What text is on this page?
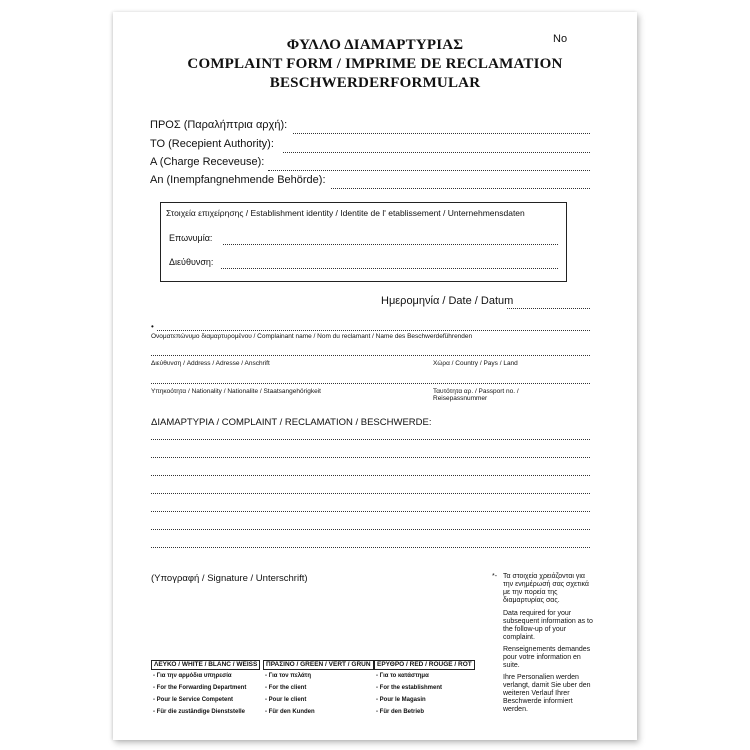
ΦΥΛΛΟ ΔΙΑΜΑΡΤΥΡΙΑΣ
COMPLAINT FORM / IMPRIME DE RECLAMATION
BESCHWERDERFORMULAR
No
ΠΡΟΣ (Παραλήπτρια αρχή):
TO (Recepient Authority):
A (Charge Receveuse):
An (Inempfangnehmende Behörde):
Στοιχεία επιχείρησης / Establishment identity / Identite de l' etablissement / Unternehmensdaten
Επωνυμία:
Διεύθυνση:
Ημερομηνία / Date / Datum
•
Ονοματεπώνυμο διαμαρτυρομένου / Complainant name / Nom du reclamant / Name des Beschwerdeführenden
Διεύθυνση / Address / Adresse / Anschrift	Χώρα / Country / Pays / Land
Υπηκοότητα / Nationality / Nationalite / Staatsangehörigkeit	Ταυτότητα αρ. / Passport no. /
Reisepassnummer
ΔΙΑΜΑΡΤΥΡΙΑ / COMPLAINT / RECLAMATION / BESCHWERDE:
(Υπογραφή / Signature / Unterschrift)	*- Τα στοιχεία χρειάζονται για την ενημέρωσή σας σχετικά με την πορεία της διαμαρτυρίας σας.
Data required for your subsequent information as to the follow-up of your complaint.
Renseignements demandes pour votre information en suite.
Ihre Personalien werden verlangt, damit Sie uber den weiteren Verlauf Ihrer Beschwerde informiert werden.
ΛΕΥΚΟ / WHITE / BLANC / WEISS
- Για την αρμόδια υπηρεσία
- For the Forwarding Department
- Pour le Service Competent
- Für die zuständige Dienststelle
ΠΡΑΣΙΝΟ / GREEN / VERT / GRUN
- Για τον πελάτη
- For the client
- Pour le client
- Für den Kunden
ΕΡΥΘΡΟ / RED / ROUGE / ROT
- Για το κατάστημα
- For the establishment
- Pour le Magasin
- Für den Betrieb
